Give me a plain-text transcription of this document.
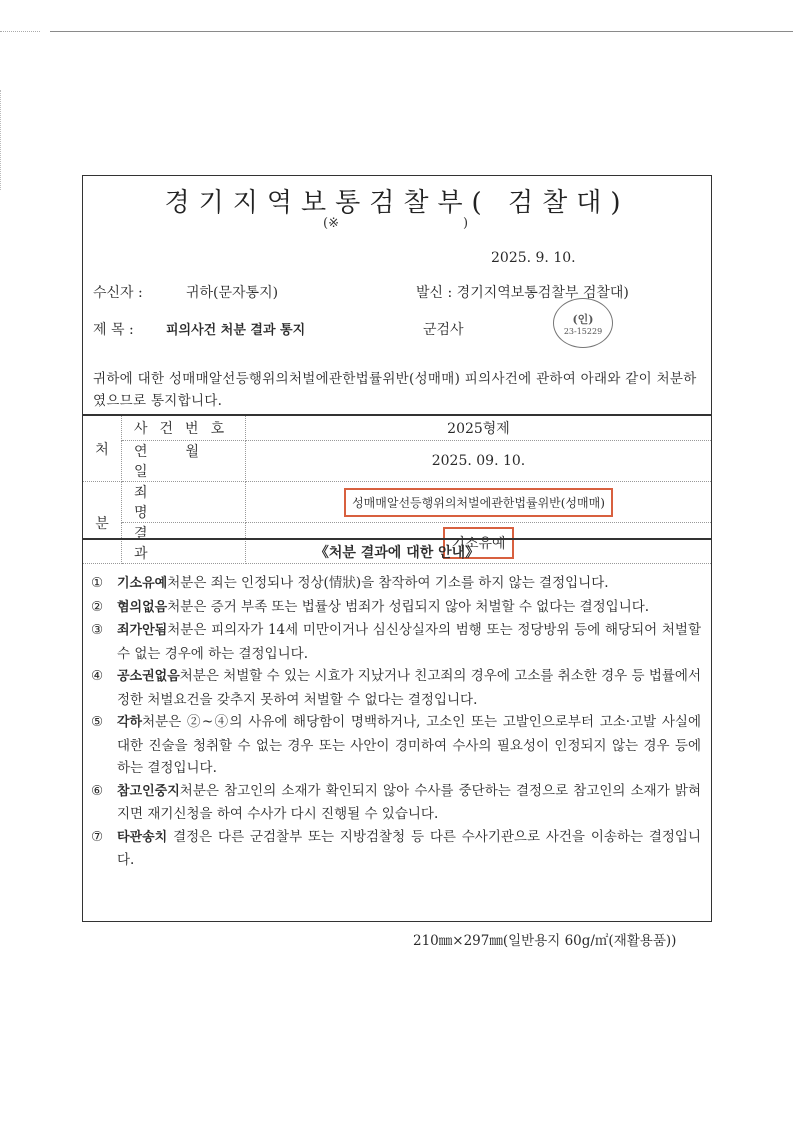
경기지역보통검찰부( 검찰대)
(※	)
2025. 9. 10.
수신자 :	귀하(문자통지)	발신 : 경기지역보통검찰부 검찰대)
제 목 : 피의사건 처분 결과 통지	군검사
(인)
23-15229
귀하에 대한 성매매알선등행위의처벌에관한법률위반(성매매) 피의사건에 관하여 아래와 같이 처분하였으므로 통지합니다.
처	사건번호	2025형제
	연월일	2025. 09. 10.
분	죄명	성매매알선등행위의처벌에관한법률위반(성매매)
	결과	기소유예
《처분 결과에 대한 안내》
①	기소유예처분은 죄는 인정되나 정상(情狀)을 참작하여 기소를 하지 않는 결정입니다.
②	혐의없음처분은 증거 부족 또는 법률상 범죄가 성립되지 않아 처벌할 수 없다는 결정입니다.
③	죄가안됨처분은 피의자가 14세 미만이거나 심신상실자의 범행 또는 정당방위 등에 해당되어 처벌할 수 없는 경우에 하는 결정입니다.
④	공소권없음처분은 처벌할 수 있는 시효가 지났거나 친고죄의 경우에 고소를 취소한 경우 등 법률에서 정한 처벌요건을 갖추지 못하여 처벌할 수 없다는 결정입니다.
⑤	각하처분은 ②~④의 사유에 해당함이 명백하거나, 고소인 또는 고발인으로부터 고소·고발 사실에 대한 진술을 청취할 수 없는 경우 또는 사안이 경미하여 수사의 필요성이 인정되지 않는 경우 등에 하는 결정입니다.
⑥	참고인중지처분은 참고인의 소재가 확인되지 않아 수사를 중단하는 결정으로 참고인의 소재가 밝혀지면 재기신청을 하여 수사가 다시 진행될 수 있습니다.
⑦	타관송치 결정은 다른 군검찰부 또는 지방검찰청 등 다른 수사기관으로 사건을 이송하는 결정입니다.
210㎜×297㎜(일반용지 60g/㎡(재활용품))
